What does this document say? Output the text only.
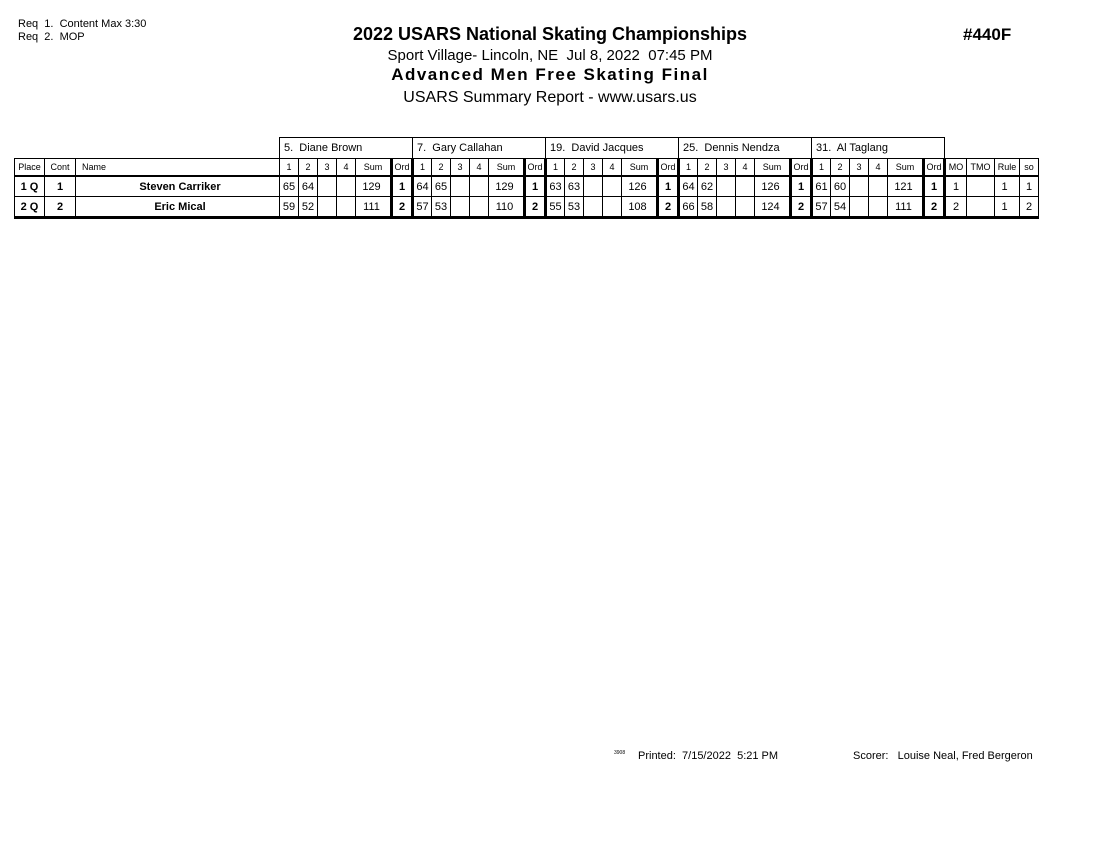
Req  1.  Content Max 3:30
Req  2.  MOP	2022 USARS National Skating Championships
Sport Village- Lincoln, NE  Jul 8, 2022  07:45 PM
Advanced Men Free Skating Final
USARS Summary Report - www.usars.us
#440F
			5.  Diane Brown						7.  Gary Callahan						19.  David Jacques						25.  Dennis Nendza						31.  Al Taglang									
Place	Cont	Name	1	2	3	4	Sum	Ord	1	2	3	4	Sum	Ord	1	2	3	4	Sum	Ord	1	2	3	4	Sum	Ord	1	2	3	4	Sum	Ord	MO	TMO	Rule	so
1 Q	1	Steven Carriker	65	64			129	1	64	65			129	1	63	63			126	1	64	62			126	1	61	60			121	1	1		1	1
2 Q	2	Eric Mical	59	52			111	2	57	53			110	2	55	53			108	2	66	58			124	2	57	54			111	2	2		1	2
3908 Printed:  7/15/2022  5:21 PM	Scorer:   Louise Neal, Fred Bergeron
